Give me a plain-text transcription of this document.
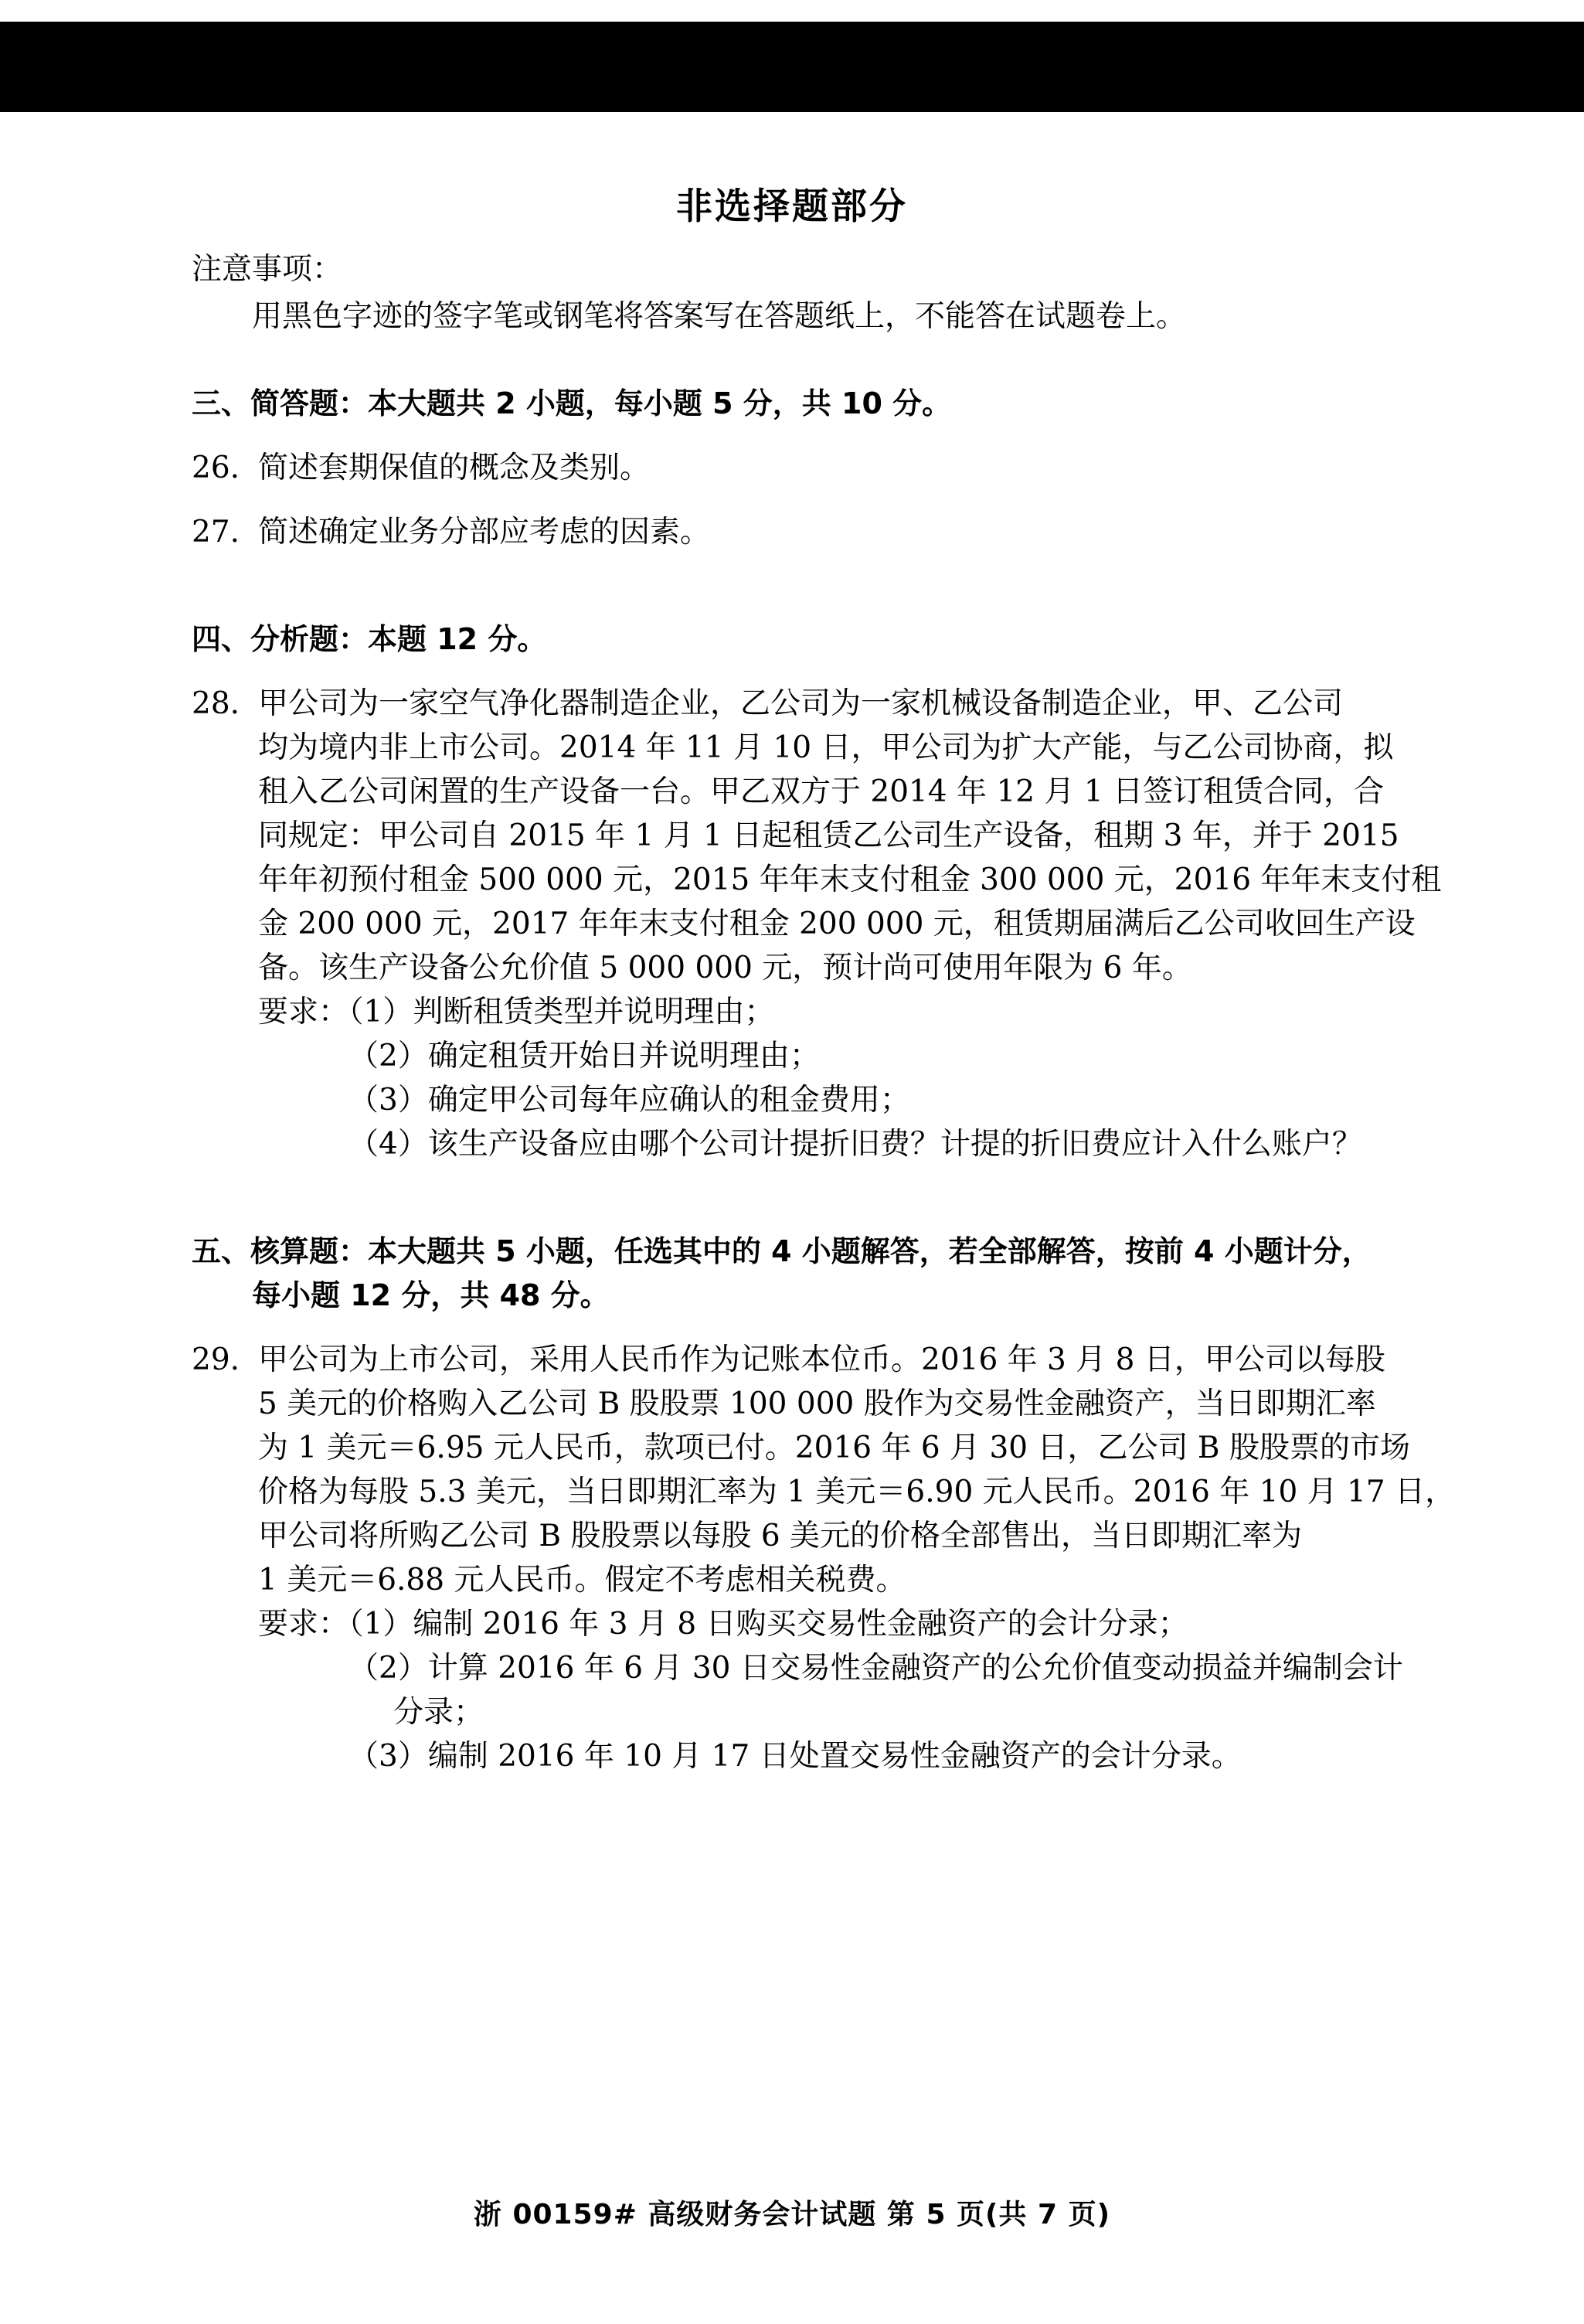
非选择题部分
注意事项：
用黑色字迹的签字笔或钢笔将答案写在答题纸上，不能答在试题卷上。
三、简答题：本大题共 2 小题，每小题 5 分，共 10 分。
26. 简述套期保值的概念及类别。
27. 简述确定业务分部应考虑的因素。
四、分析题：本题 12 分。
28. 甲公司为一家空气净化器制造企业，乙公司为一家机械设备制造企业，甲、乙公司
均为境内非上市公司。2014 年 11 月 10 日，甲公司为扩大产能，与乙公司协商，拟
租入乙公司闲置的生产设备一台。甲乙双方于 2014 年 12 月 1 日签订租赁合同，合
同规定：甲公司自 2015 年 1 月 1 日起租赁乙公司生产设备，租期 3 年，并于 2015
年年初预付租金 500 000 元，2015 年年末支付租金 300 000 元，2016 年年末支付租
金 200 000 元，2017 年年末支付租金 200 000 元，租赁期届满后乙公司收回生产设
备。该生产设备公允价值 5 000 000 元，预计尚可使用年限为 6 年。
要求：（1）判断租赁类型并说明理由；
（2）确定租赁开始日并说明理由；
（3）确定甲公司每年应确认的租金费用；
（4）该生产设备应由哪个公司计提折旧费？计提的折旧费应计入什么账户？
五、核算题：本大题共 5 小题，任选其中的 4 小题解答，若全部解答，按前 4 小题计分，
每小题 12 分，共 48 分。
29. 甲公司为上市公司，采用人民币作为记账本位币。2016 年 3 月 8 日，甲公司以每股
5 美元的价格购入乙公司 B 股股票 100 000 股作为交易性金融资产，当日即期汇率
为 1 美元＝6.95 元人民币，款项已付。2016 年 6 月 30 日，乙公司 B 股股票的市场
价格为每股 5.3 美元，当日即期汇率为 1 美元＝6.90 元人民币。2016 年 10 月 17 日，
甲公司将所购乙公司 B 股股票以每股 6 美元的价格全部售出，当日即期汇率为
1 美元＝6.88 元人民币。假定不考虑相关税费。
要求：（1）编制 2016 年 3 月 8 日购买交易性金融资产的会计分录；
（2）计算 2016 年 6 月 30 日交易性金融资产的公允价值变动损益并编制会计
分录；
（3）编制 2016 年 10 月 17 日处置交易性金融资产的会计分录。
浙 00159# 高级财务会计试题 第 5 页(共 7 页)
